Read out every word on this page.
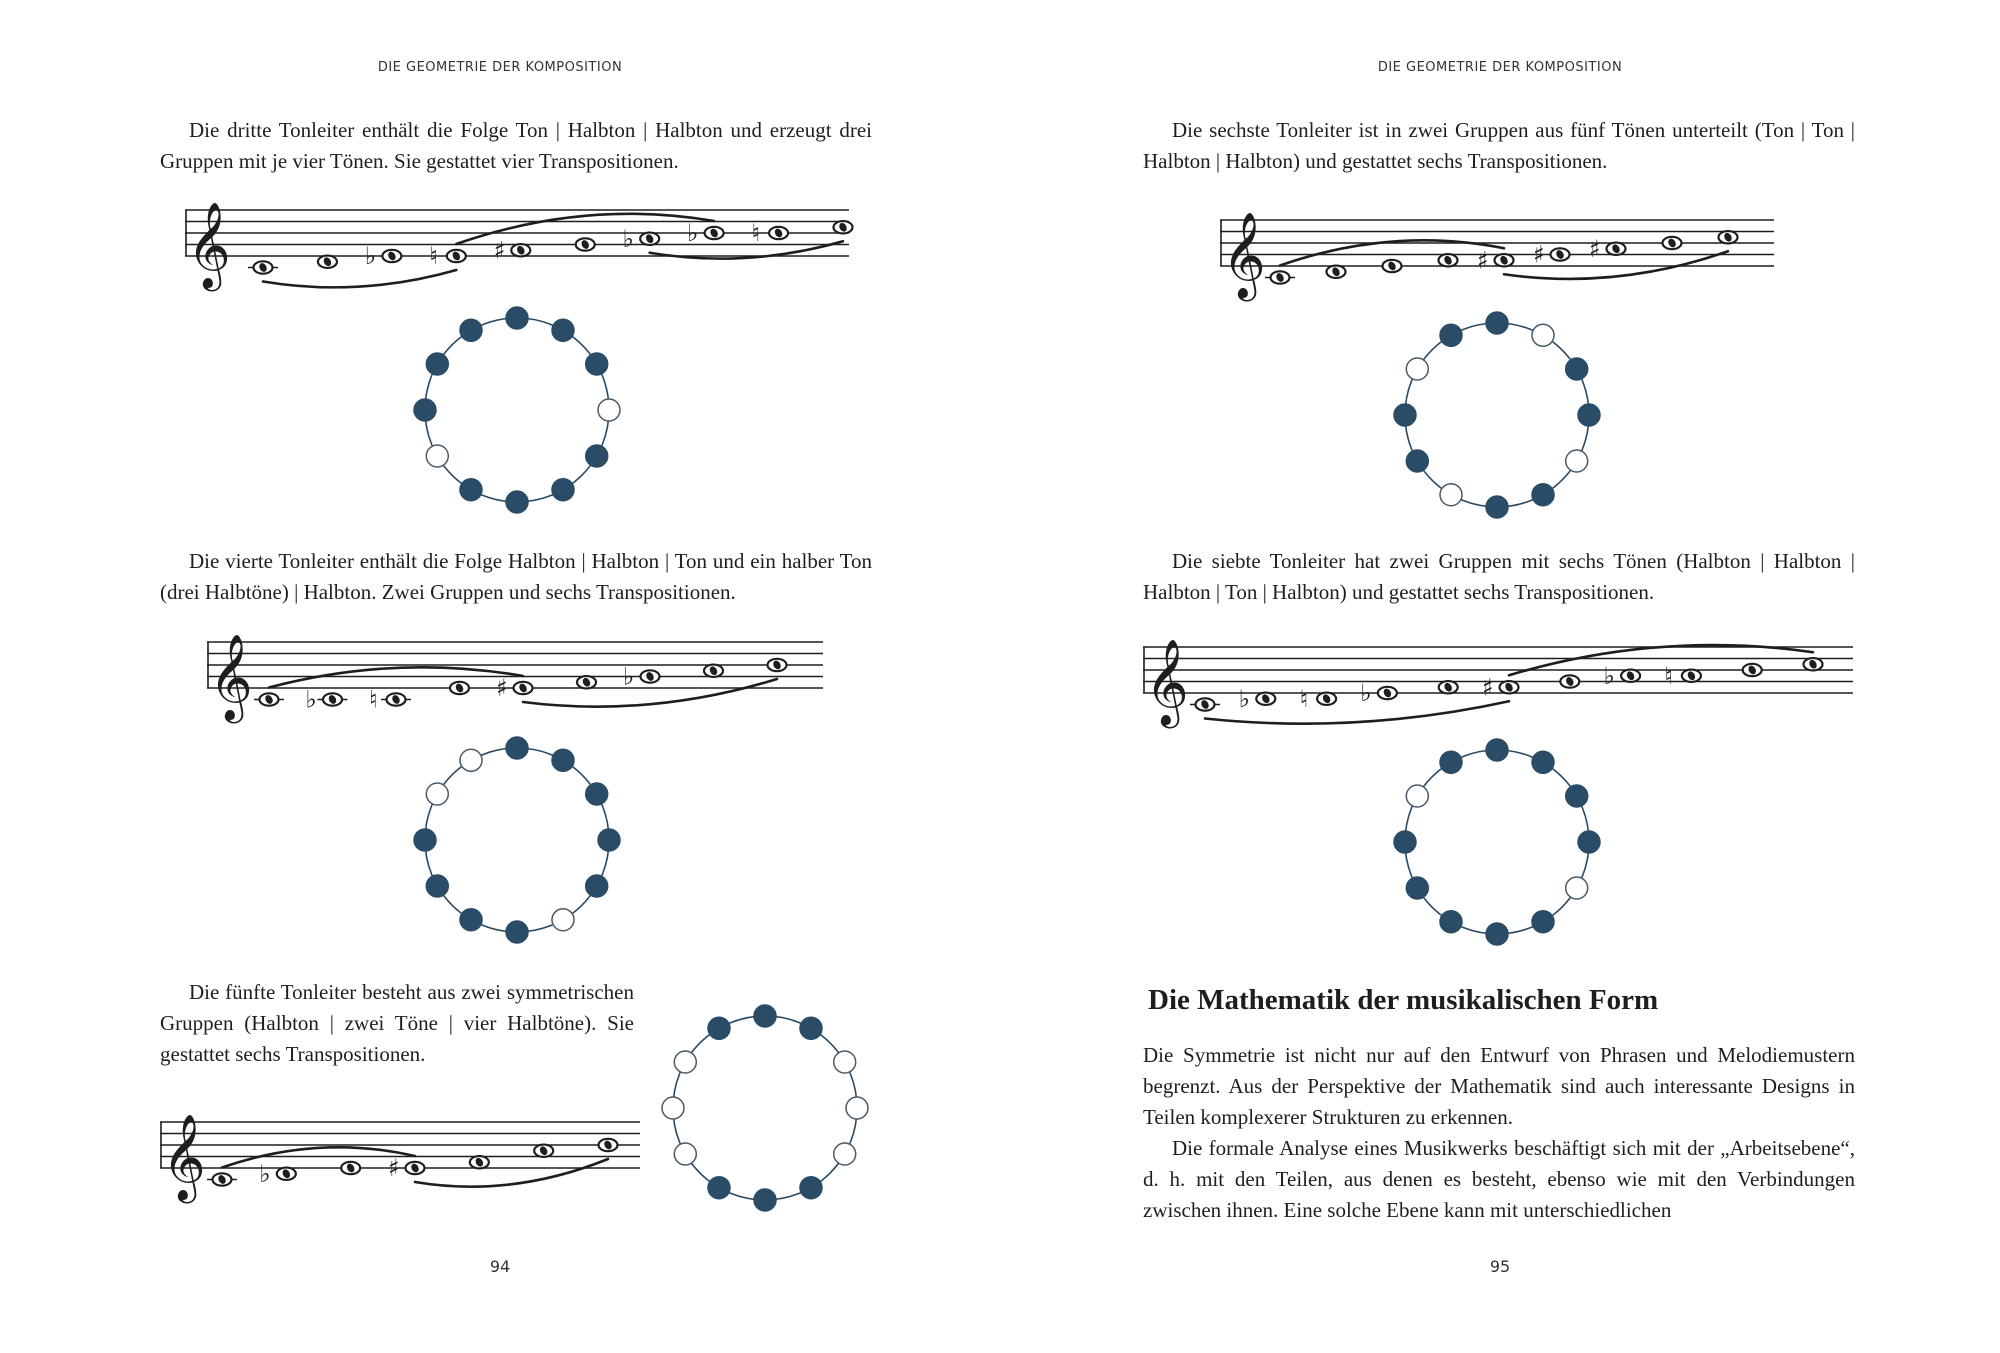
DIE GEOMETRIE DER KOMPOSITION
94

Die dritte Tonleiter enthält die Folge Ton | Halbton | Halbton und erzeugt drei Gruppen mit je vier Tönen. Sie gestattet vier Transpositionen.

𝄞	♭ ♮ ♯	♭ ♭ ♮

Die vierte Tonleiter enthält die Folge Halbton | Halbton | Ton und ein halber Ton (drei Halbtöne) | Halbton. Zwei Gruppen und sechs Transpositionen.

𝄞 ♭ ♮	♯	♭

Die fünfte Tonleiter besteht aus zwei symmetrischen Gruppen (Halbton | zwei Töne | vier Halbtöne). Sie gestattet sechs Transpositionen.

𝄞 ♭	♯
DIE GEOMETRIE DER KOMPOSITION
95

Die sechste Tonleiter ist in zwei Gruppen aus fünf Tönen unterteilt (Ton | Ton | Halbton | Halbton) und gestattet sechs Transpositionen.

𝄞	♯ ♯ ♯

Die siebte Tonleiter hat zwei Gruppen mit sechs Tönen (Halbton | Halbton | Halbton | Ton | Halbton) und gestattet sechs Transpositionen.

𝄞 ♭ ♮ ♭	♯	♭ ♮
Die Mathematik der musikalischen Form

Die Symmetrie ist nicht nur auf den Entwurf von Phrasen und Melodiemustern begrenzt. Aus der Perspektive der Mathematik sind auch interessante Designs in Teilen komplexerer Strukturen zu erkennen.

Die formale Analyse eines Musikwerks beschäftigt sich mit der „Arbeitsebene“, d. h. mit den Teilen, aus denen es besteht, ebenso wie mit den Verbindungen zwischen ihnen. Eine solche Ebene kann mit unterschiedlichen
